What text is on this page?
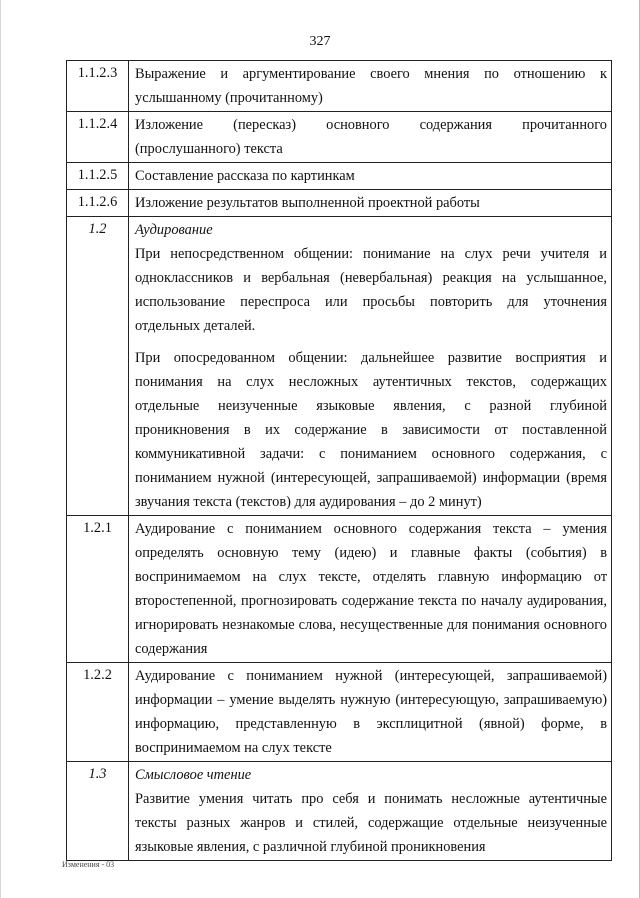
327
1.1.2.3	Выражение и аргументирование своего мнения по отношению к услышанному (прочитанному)

1.1.2.4	Изложение (пересказ) основного содержания прочитанного (прослушанного) текста

1.1.2.5	Составление рассказа по картинкам

1.1.2.6	Изложение результатов выполненной проектной работы

1.2	Аудирование

При непосредственном общении: понимание на слух речи учителя и одноклассников и вербальная (невербальная) реакция на услышанное, использование переспроса или просьбы повторить для уточнения отдельных деталей.

При опосредованном общении: дальнейшее развитие восприятия и понимания на слух несложных аутентичных текстов, содержащих отдельные неизученные языковые явления, с разной глубиной проникновения в их содержание в зависимости от поставленной коммуникативной задачи: с пониманием основного содержания, с пониманием нужной (интересующей, запрашиваемой) информации (время звучания текста (текстов) для аудирования – до 2 минут)

1.2.1	Аудирование с пониманием основного содержания текста – умения определять основную тему (идею) и главные факты (события) в воспринимаемом на слух тексте, отделять главную информацию от второстепенной, прогнозировать содержание текста по началу аудирования, игнорировать незнакомые слова, несущественные для понимания основного содержания

1.2.2	Аудирование с пониманием нужной (интересующей, запрашиваемой) информации – умение выделять нужную (интересующую, запрашиваемую) информацию, представленную в эксплицитной (явной) форме, в воспринимаемом на слух тексте

1.3	Смысловое чтение

Развитие умения читать про себя и понимать несложные аутентичные тексты разных жанров и стилей, содержащие отдельные неизученные языковые явления, с различной глубиной проникновения

Изменения - 03
